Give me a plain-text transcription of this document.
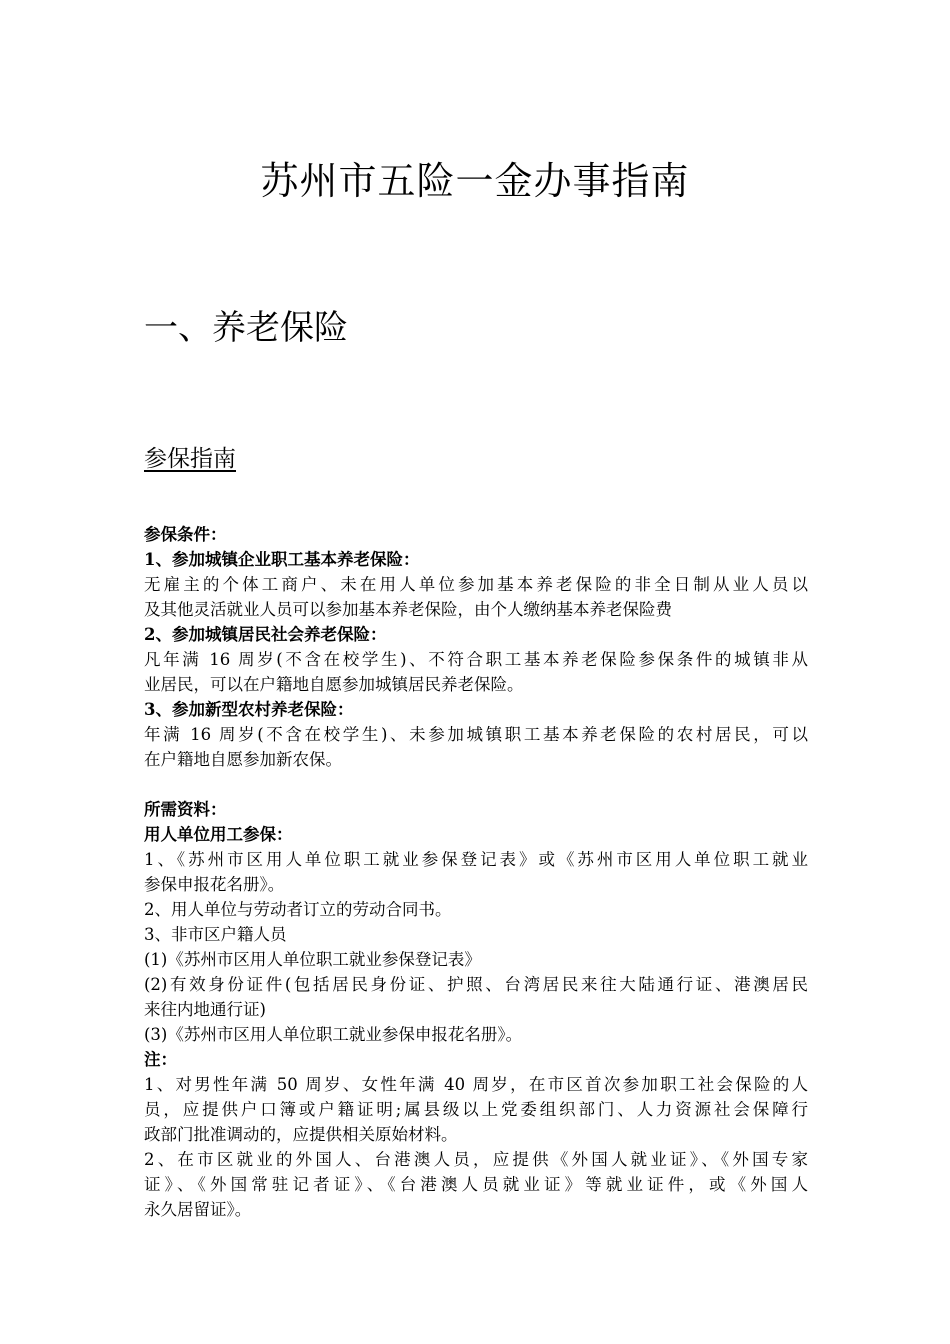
苏州市五险一金办事指南
一、养老保险
参保指南
参保条件：
1、参加城镇企业职工基本养老保险：
无雇主的个体工商户、未在用人单位参加基本养老保险的非全日制从业人员以
及其他灵活就业人员可以参加基本养老保险，由个人缴纳基本养老保险费
2、参加城镇居民社会养老保险：
凡年满 16 周岁(不含在校学生)、不符合职工基本养老保险参保条件的城镇非从
业居民，可以在户籍地自愿参加城镇居民养老保险。
3、参加新型农村养老保险：
年满 16 周岁(不含在校学生)、未参加城镇职工基本养老保险的农村居民，可以
在户籍地自愿参加新农保。
所需资料：
用人单位用工参保：
1、《苏州市区用人单位职工就业参保登记表》或《苏州市区用人单位职工就业
参保申报花名册》。
2、用人单位与劳动者订立的劳动合同书。
3、非市区户籍人员
(1)《苏州市区用人单位职工就业参保登记表》
(2)有效身份证件(包括居民身份证、护照、台湾居民来往大陆通行证、港澳居民
来往内地通行证)
(3)《苏州市区用人单位职工就业参保申报花名册》。
注：
1、对男性年满 50 周岁、女性年满 40 周岁，在市区首次参加职工社会保险的人
员，应提供户口簿或户籍证明;属县级以上党委组织部门、人力资源社会保障行
政部门批准调动的，应提供相关原始材料。
2、在市区就业的外国人、台港澳人员，应提供《外国人就业证》、《外国专家
证》、《外国常驻记者证》、《台港澳人员就业证》等就业证件，或《外国人
永久居留证》。
